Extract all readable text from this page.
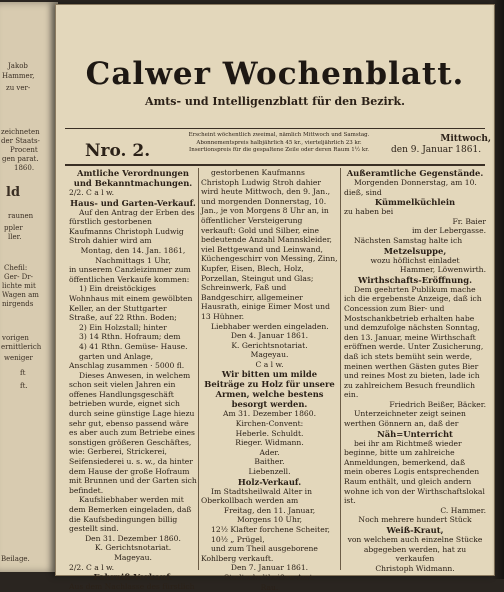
Jakob
Hammer,
zu ver-
zeichneten
der Staats-
Procent
gen parat.
1860.
ld
raunen
ppler
ller.
Chefil:
Ger- Dr-
lichte mit
Wagen am
nirgends
vorigen
ernittlerich
weniger
ft
ft.
Beilage.
Calwer Wochenblatt.
Amts- und Intelligenzblatt für den Bezirk.
Nro. 2.
Erscheint wöchentlich zweimal, nämlich Mittwoch und Samstag.
Abonnementspreis halbjährlich 45 kr., vierteljährlich 23 kr.
Insertionspreis für die gespaltene Zeile oder deren Raum 1½ kr.
Mittwoch,
den 9. Januar 1861.

Amtliche Verordnungen und Bekanntmachungen.

2/2. C a l w.

Haus- und Garten-Verkauf.

Auf den Antrag der Erben des fürstlich gestorbenen Kaufmanns Christoph Ludwig Stroh dahier wird am

Montag, den 14. Jan. 1861,

Nachmittags 1 Uhr,

in unserem Canzleizimmer zum öffentlichen Verkaufe kommen:

1) Ein dreistöckiges Wohnhaus mit einem gewölbten Keller, an der Stuttgarter Straße, auf 22 Rthn. Boden;

2) Ein Holzstall; hinter

3) 14 Rthn. Hofraum; dem

4) 41 Rthn. Gemüse- Hause.

garten und Anlage,

Anschlag zusammen · 5000 fl.

Dieses Anwesen, in welchem schon seit vielen Jahren ein offenes Handlungsgeschäft betrieben wurde, eignet sich durch seine günstige Lage hiezu sehr gut, ebenso passend wäre es aber auch zum Betriebe eines sonstigen größeren Geschäftes, wie: Gerberei, Strickerei, Seifensiederei u. s. w., da hinter dem Hause der große Hofraum mit Brunnen und der Garten sich befindet.

Kaufsliebhaber werden mit dem Bemerken eingeladen, daß die Kaufsbedingungen billig gestellt sind.

Den 31. Dezember 1860.

K. Gerichtsnotariat.

Mageyau.

2/2. C a l w.

Fahrniß-Verkauf.

Aus dem Nachlasse des fürstlich

gestorbenen Kaufmanns Christoph Ludwig Stroh dahier wird heute Mittwoch, den 9. Jan., und morgenden Donnerstag, 10. Jan., je von Morgens 8 Uhr an, in öffentlicher Versteigerung verkauft: Gold und Silber, eine bedeutende Anzahl Mannskleider, viel Bettgewand und Leinwand, Küchengeschirr von Messing, Zinn, Kupfer, Eisen, Blech, Holz, Porzellan, Steingut und Glas; Schreinwerk, Faß und Bandgeschirr, allgemeiner Hausrath, einige Eimer Most und 13 Hühner.

Liebhaber werden eingeladen.

Den 4. Januar 1861.

K. Gerichtsnotariat.

Mageyau.

C a l w.

Wir bitten um milde Beiträge zu Holz für unsere Armen, welche bestens besorgt werden.

Am 31. Dezember 1860.

Kirchen-Convent:

Heberle. Schuldt.

Rieger. Widmann.

Ader.

Baither.

Liebenzell.

Holz-Verkauf.

Im Stadtsheilwald Alter in Oberkollbach werden am

Freitag, den 11. Januar,

Morgens 10 Uhr,

12½ Klafter forchene Scheiter,

10½ „ Prügel,

und zum Theil ausgeborene Kohlberg verkauft.

Den 7. Januar 1861.

Stadtschultheißen-Amt.

Rau.

Außeramtliche Gegenstände.

Morgenden Donnerstag, am 10. dieß, sind

Kümmelküchlein

zu haben bei

Fr. Baier

im der Lebergasse.

Nächsten Samstag halte ich

Metzelsuppe,

wozu höflichst einladet

Hammer, Löwenwirth.

Wirthschafts-Eröffnung.

Dem geehrten Publikum mache ich die ergebenste Anzeige, daß ich Concession zum Bier- und Mostschankbetrieb erhalten habe und demzufolge nächsten Sonntag, den 13. Januar, meine Wirthschaft eröffnen werde. Unter Zusicherung, daß ich stets bemüht sein werde, meinen werthen Gästen gutes Bier und reines Most zu bieten, lade ich zu zahlreichem Besuch freundlich ein.

Friedrich Beißer, Bäcker.

Unterzeichneter zeigt seinen werthen Gönnern an, daß der

Näh=Unterricht

bei ihr am Richtmeß wieder beginne, bitte um zahlreiche Anmeldungen, bemerkend, daß mein oberes Logis entsprechenden Raum enthält, und gleich andern wohne ich von der Wirthschaftslokal ist.

C. Hammer.

Noch mehrere hundert Stück

Weiß-Kraut,

von welchem auch einzelne Stücke abgegeben werden, hat zu verkaufen

Christoph Widmann.
